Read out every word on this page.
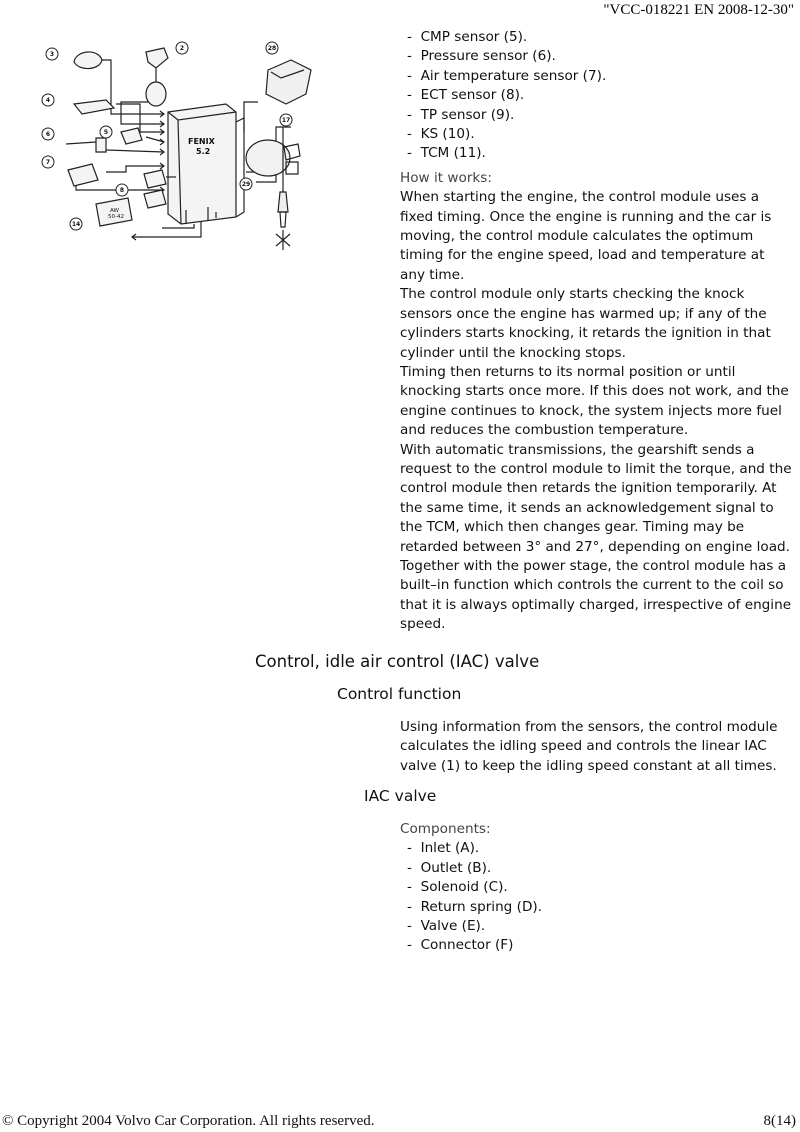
"VCC-018221 EN 2008-12-30"
FENIX
5.2
AW
50-42
3
2	28
4
5
6
7
8
14
17
29
- CMP sensor (5).
- Pressure sensor (6).
- Air temperature sensor (7).
- ECT sensor (8).
- TP sensor (9).
- KS (10).
- TCM (11).
How it works:

When starting the engine, the control module uses a fixed timing. Once the engine is running and the car is moving, the control module calculates the optimum timing for the engine speed, load and temperature at any time.

The control module only starts checking the knock sensors once the engine has warmed up; if any of the cylinders starts knocking, it retards the ignition in that cylinder until the knocking stops.

Timing then returns to its normal position or until knocking starts once more. If this does not work, and the engine continues to knock, the system injects more fuel and reduces the combustion temperature.

With automatic transmissions, the gearshift sends a request to the control module to limit the torque, and the control module then retards the ignition temporarily. At the same time, it sends an acknowledgement signal to the TCM, which then changes gear. Timing may be retarded between 3° and 27°, depending on engine load. Together with the power stage, the control module has a built–in function which controls the current to the coil so that it is always optimally charged, irrespective of engine speed.

Control, idle air control (IAC) valve
Control function

Using information from the sensors, the control module calculates the idling speed and controls the linear IAC valve (1) to keep the idling speed constant at all times.

IAC valve
Components:
- Inlet (A).
- Outlet (B).
- Solenoid (C).
- Return spring (D).
- Valve (E).
- Connector (F)
© Copyright 2004 Volvo Car Corporation. All rights reserved.	8(14)
